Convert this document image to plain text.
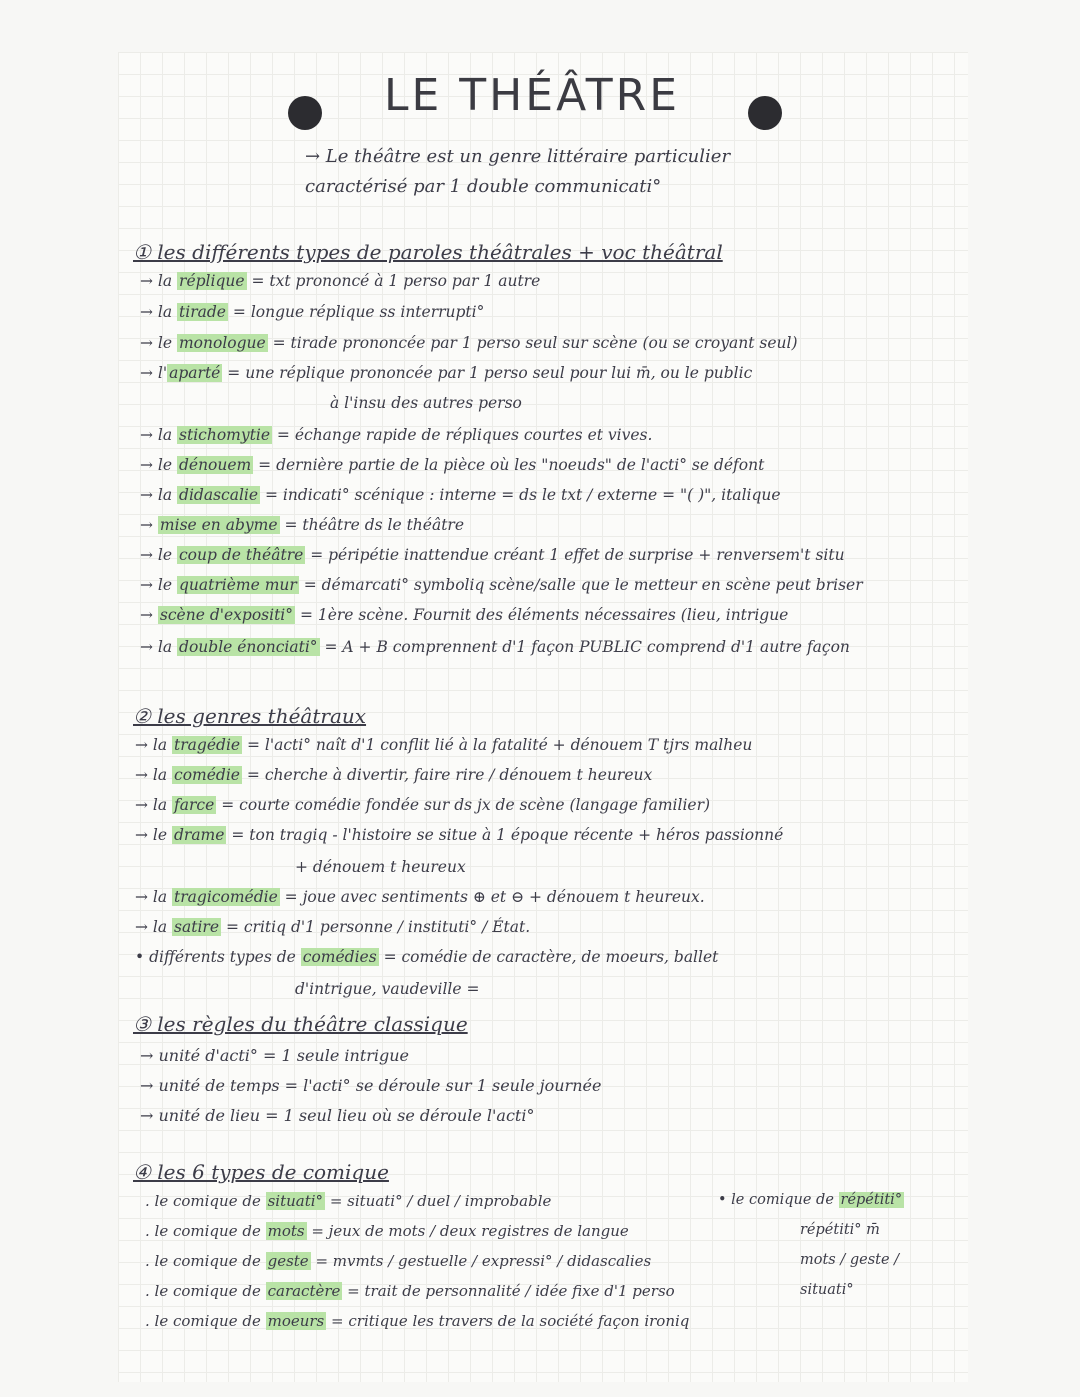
LE THÉÂTRE
→ Le théâtre est un genre littéraire particulier
caractérisé par 1 double communicati°
① les différents types de paroles théâtrales + voc théâtral
→ la réplique = txt prononcé à 1 perso par 1 autre
→ la tirade = longue réplique ss interrupti°
→ le monologue = tirade prononcée par 1 perso seul sur scène (ou se croyant seul)
→ l' aparté = une réplique prononcée par 1 perso seul pour lui m̄, ou le public
à l'insu des autres perso
→ la stichomytie = échange rapide de répliques courtes et vives.
→ le dénouem = dernière partie de la pièce où les "noeuds" de l'acti° se défont
→ la didascalie = indicati° scénique : interne = ds le txt / externe = "( )", italique
→ mise en abyme = théâtre ds le théâtre
→ le coup de théâtre = péripétie inattendue créant 1 effet de surprise + renversem't situ
→ le quatrième mur = démarcati° symboliq scène/salle que le metteur en scène peut briser
→ scène d'expositi° = 1ère scène. Fournit des éléments nécessaires (lieu, intrigue
→ la double énonciati° = A + B comprennent d'1 façon PUBLIC comprend d'1 autre façon
② les genres théâtraux
→ la tragédie = l'acti° naît d'1 conflit lié à la fatalité + dénouem T tjrs malheu
→ la comédie = cherche à divertir, faire rire / dénouem t heureux
→ la farce = courte comédie fondée sur ds jx de scène (langage familier)
→ le drame = ton tragiq - l'histoire se situe à 1 époque récente + héros passionné
+ dénouem t heureux
→ la tragicomédie = joue avec sentiments ⊕ et ⊖ + dénouem t heureux.
→ la satire = critiq d'1 personne / instituti° / État.
• différents types de comédies = comédie de caractère, de moeurs, ballet
d'intrigue, vaudeville =
③ les règles du théâtre classique
→ unité d'acti° = 1 seule intrigue
→ unité de temps = l'acti° se déroule sur 1 seule journée
→ unité de lieu = 1 seul lieu où se déroule l'acti°
④ les 6 types de comique
. le comique de situati° = situati° / duel / improbable
. le comique de mots = jeux de mots / deux registres de langue
. le comique de geste = mvmts / gestuelle / expressi° / didascalies
. le comique de caractère = trait de personnalité / idée fixe d'1 perso
. le comique de moeurs = critique les travers de la société façon ironiq
• le comique de répétiti°
répétiti° m̄
mots / geste /
situati°
